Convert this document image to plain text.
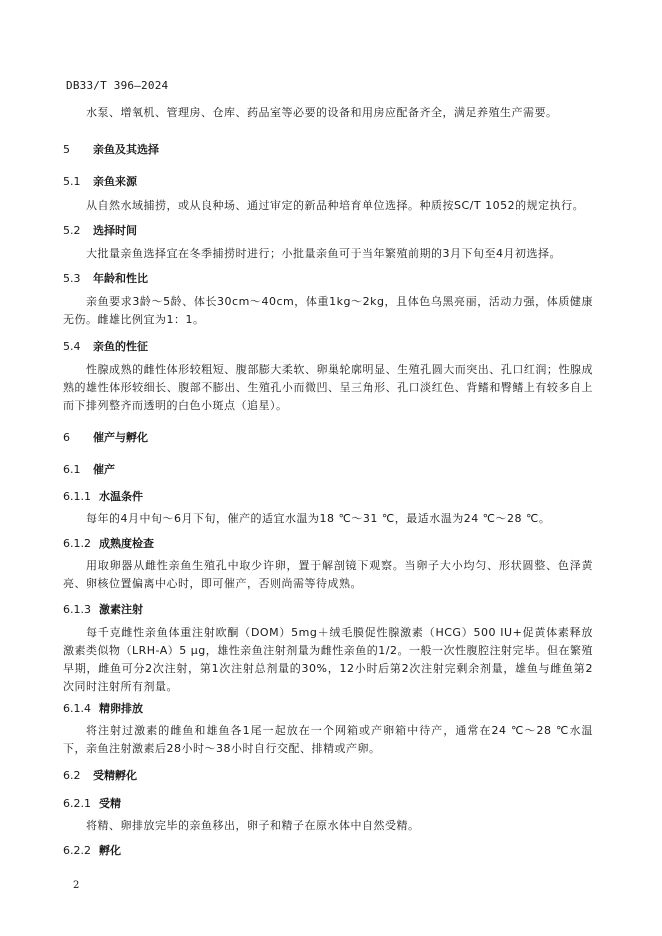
DB33/T 396—2024
水泵、增氧机、管理房、仓库、药品室等必要的设备和用房应配备齐全，满足养殖生产需要。
5 亲鱼及其选择
5.1 亲鱼来源
从自然水域捕捞，或从良种场、通过审定的新品种培育单位选择。种质按SC/T 1052的规定执行。
5.2 选择时间
大批量亲鱼选择宜在冬季捕捞时进行；小批量亲鱼可于当年繁殖前期的3月下旬至4月初选择。
5.3 年龄和性比
亲鱼要求3龄～5龄、体长30cm～40cm，体重1kg～2kg，且体色乌黑亮丽，活动力强，体质健康无伤。雌雄比例宜为1：1。
5.4 亲鱼的性征
性腺成熟的雌性体形较粗短、腹部膨大柔软、卵巢轮廓明显、生殖孔圆大而突出、孔口红润；性腺成熟的雄性体形较细长、腹部不膨出、生殖孔小而微凹、呈三角形、孔口淡红色、背鳍和臀鳍上有较多自上而下排列整齐而透明的白色小斑点（追星）。
6 催产与孵化
6.1 催产
6.1.1 水温条件
每年的4月中旬～6月下旬，催产的适宜水温为18 ℃～31 ℃，最适水温为24 ℃～28 ℃。
6.1.2 成熟度检查
用取卵器从雌性亲鱼生殖孔中取少许卵，置于解剖镜下观察。当卵子大小均匀、形状圆整、色泽黄亮、卵核位置偏离中心时，即可催产，否则尚需等待成熟。
6.1.3 激素注射
每千克雌性亲鱼体重注射欧酮（DOM）5mg＋绒毛膜促性腺激素（HCG）500 IU+促黄体素释放激素类似物（LRH-A）5 μg，雄性亲鱼注射剂量为雌性亲鱼的1/2。一般一次性腹腔注射完毕。但在繁殖早期，雌鱼可分2次注射，第1次注射总剂量的30%，12小时后第2次注射完剩余剂量，雄鱼与雌鱼第2次同时注射所有剂量。
6.1.4 精卵排放
将注射过激素的雌鱼和雄鱼各1尾一起放在一个网箱或产卵箱中待产，通常在24 ℃～28 ℃水温下，亲鱼注射激素后28小时～38小时自行交配、排精或产卵。
6.2 受精孵化
6.2.1 受精
将精、卵排放完毕的亲鱼移出，卵子和精子在原水体中自然受精。
6.2.2 孵化
2
